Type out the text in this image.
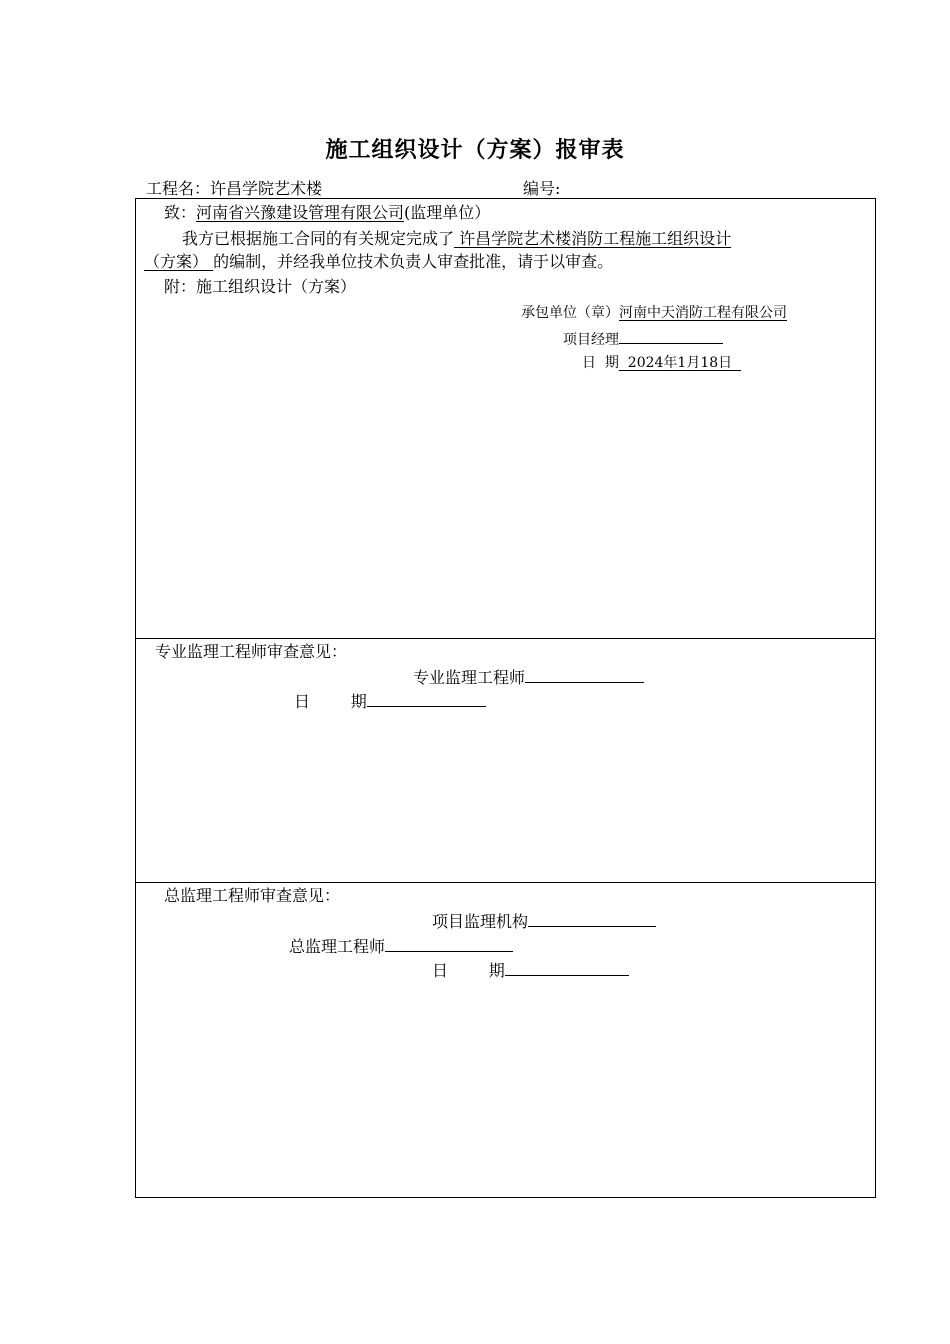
施工组织设计（方案）报审表
工程名：许昌学院艺术楼	编号:
致：河南省兴豫建设管理有限公司(监理单位）
我方已根据施工合同的有关规定完成了 许昌学院艺术楼消防工程施工组织设计
（方案） 的编制，并经我单位技术负责人审查批准，请于以审查。
附：施工组织设计（方案）
承包单位（章）河南中天消防工程有限公司
项目经理
日  期  2024年1月18日
专业监理工程师审查意见：
专业监理工程师
日        期
总监理工程师审查意见：
项目监理机构
总监理工程师
日        期
